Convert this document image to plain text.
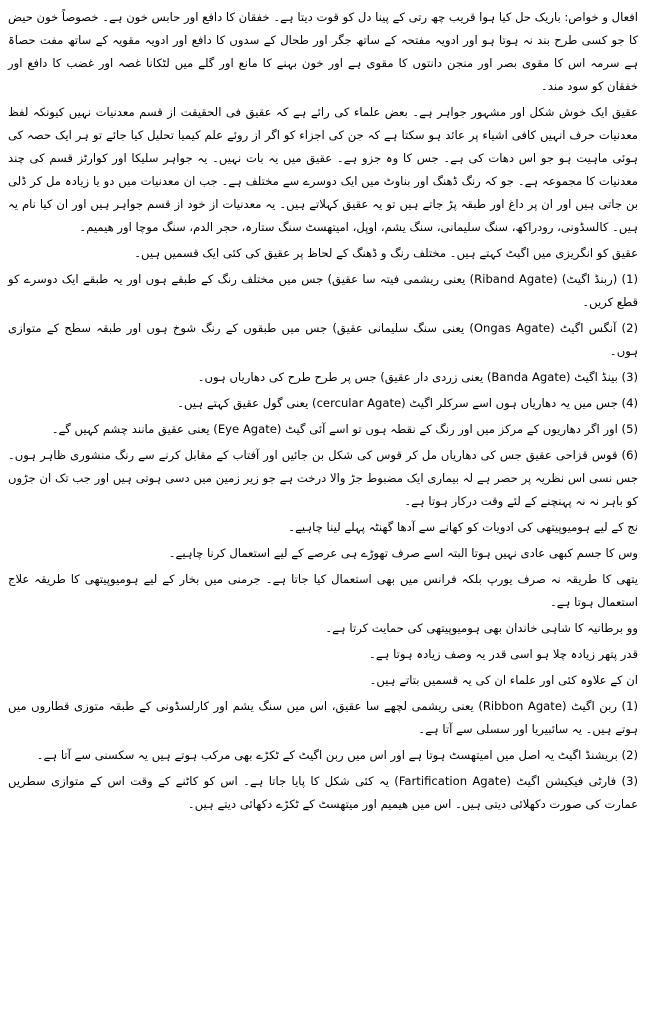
افعال و خواص: باریک حل کیا ہوا قریب چھ رتی کے پینا دل کو قوت دیتا ہے۔ خفقان کا دافع اور حابس خون ہے۔ خصوصاً خون حیض کا جو کسی طرح بند نہ ہوتا ہو اور ادویہ مفتحہ کے ساتھ جگر اور طحال کے سدوں کا دافع اور ادویہ مقویہ کے ساتھ مفت حصاۃ ہے سرمہ اس کا مقوی بصر اور منجن دانتوں کا مقوی ہے اور خون بہنے کا مانع اور گلے میں لٹکانا غصہ اور غضب کا دافع اور خفقان کو سود مند۔

عقیق ایک خوش شکل اور مشہور جواہر ہے۔ بعض علماء کی رائے ہے کہ عقیق فی الحقیقت از قسم معدنیات نہیں کیونکہ لفظ معدنیات حرف انہیں کافی اشیاء پر عائد ہو سکتا ہے کہ جن کی اجزاء کو اگر از روئے علم کیمیا تحلیل کیا جائے تو ہر ایک حصہ کی ہوئی ماہیت ہو جو اس دھات کی ہے۔ جس کا وہ جزو ہے۔ عقیق میں یہ بات نہیں۔ یہ جواہر سلیکا اور کوارٹز قسم کی چند معدنیات کا مجموعہ ہے۔ جو کہ رنگ ڈھنگ اور بناوٹ میں ایک دوسرے سے مختلف ہے۔ جب ان معدنیات میں دو یا زیادہ مل کر ڈلی بن جاتی ہیں اور ان پر داغ اور طبقہ پڑ جاتے ہیں تو یہ عقیق کہلاتے ہیں۔ یہ معدنیات از خود از قسم جواہر ہیں اور ان کیا نام یہ ہیں۔ کالسڈونی، رودراکھ، سنگ سلیمانی، سنگ یشم، اوپل، امیتھسٹ سنگ ستارہ، حجر الدم، سنگ موچا اور ھیمیم۔

عقیق کو انگریزی میں اگیٹ کہتے ہیں۔ مختلف رنگ و ڈھنگ کے لحاظ پر عقیق کی کئی ایک قسمیں ہیں۔

(1) (ربنڈ اگیٹ) (Riband Agate) یعنی ریشمی فیتہ سا عقیق) جس میں مختلف رنگ کے طبقے ہوں اور یہ طبقے ایک دوسرے کو قطع کریں۔

(2) آنگس اگیٹ (Ongas Agate) یعنی سنگ سلیمانی عقیق) جس میں طبقوں کے رنگ شوخ ہوں اور طبقہ سطح کے متوازی ہوں۔

(3) بینڈ اگیٹ (Banda Agate) یعنی زردی دار عقیق) جس پر طرح طرح کی دھاریاں ہوں۔

(4) جس میں یہ دھاریاں ہوں اسے سرکلر اگیٹ (cercular Agate) یعنی گول عقیق کہتے ہیں۔

(5) اور اگر دھاریوں کے مرکز میں اور رنگ کے نقطہ ہوں تو اسے آئی گیٹ (Eye Agate) یعنی عقیق مانند چشم کہیں گے۔

(6) قوس قزاحی عقیق جس کی دھاریاں مل کر قوس کی شکل بن جائیں اور آفتاب کے مقابل کرنے سے رنگ منشوری ظاہر ہوں۔ جس نسی اس نظریہ پر حصر ہے لہ بیماری ایک مضبوط جڑ والا درخت ہے جو زیر زمین میں دسی ہوتی ہیں اور جب تک ان جڑوں کو باہر نہ نہ پہنچنے کے لئے وقت درکار ہوتا ہے۔

نج کے لیے ہومیوپیتھی کی ادویات کو کھانے سے آدھا گھنٹہ پہلے لینا چاہیے۔

وس کا جسم کبھی عادی نہیں ہوتا البتہ اسے صرف تھوڑے ہی عرصے کے لیے استعمال کرنا چاہیے۔

یتھی کا طریقہ نہ صرف یورپ بلکہ فرانس میں بھی استعمال کیا جاتا ہے۔ جرمنی میں بخار کے لیے ہومیوپیتھی کا طریقہ علاج استعمال ہوتا ہے۔

وو برطانیہ کا شاہی خاندان بھی ہومیوپیتھی کی حمایت کرتا ہے۔

قدر پتھر زیادہ چلا ہو اسی قدر یہ وصف زیادہ ہوتا ہے۔

ان کے علاوہ کئی اور علماء ان کی یہ قسمیں بتاتے ہیں۔

(1) ربن اگیٹ (Ribbon Agate) یعنی ریشمی لچھے سا عقیق، اس میں سنگ یشم اور کارلسڈونی کے طبقہ متوزی قطاروں میں ہوتے ہیں۔ یہ سائبیریا اور سسلی سے آتا ہے۔

(2) بریشنڈ اگیٹ یہ اصل میں امیتھسٹ ہوتا ہے اور اس میں ربن اگیٹ کے ٹکڑے بھی مرکب ہوتے ہیں یہ سکسنی سے آتا ہے۔

(3) فارٹی فیکیشن اگیٹ (Fartification Agate) یہ کئی شکل کا پایا جاتا ہے۔ اس کو کاٹنے کے وقت اس کے متوازی سطریں عمارت کی صورت دکھلائی دیتی ہیں۔ اس میں ھیمیم اور میتھسٹ کے ٹکڑے دکھائی دیتے ہیں۔
